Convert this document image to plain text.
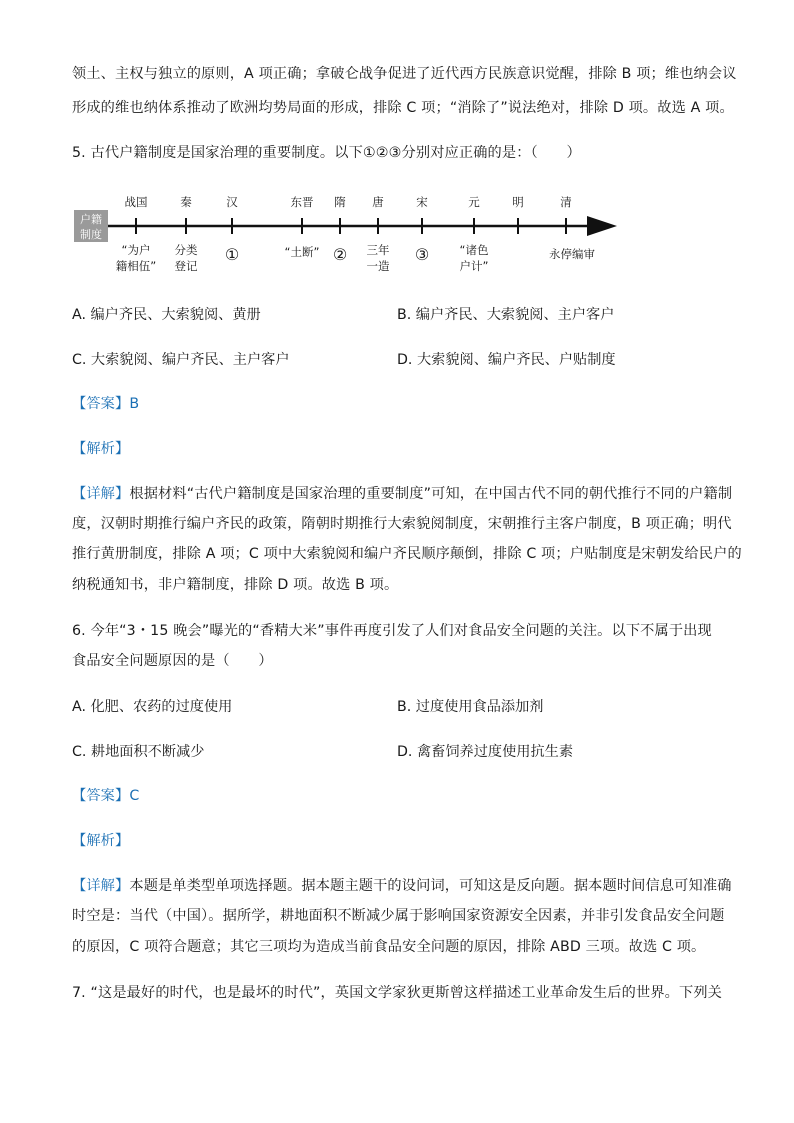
领土、主权与独立的原则，A 项正确；拿破仑战争促进了近代西方民族意识觉醒，排除 B 项；维也纳会议
形成的维也纳体系推动了欧洲均势局面的形成，排除 C 项；“消除了”说法绝对，排除 D 项。故选 A 项。
5. 古代户籍制度是国家治理的重要制度。以下①②③分别对应正确的是：（　　）
户籍
制度
战国	秦	汉	东晋 隋 唐	宋	元	明	清
“为户
籍相伍”
分类
登记
①	“土断” ② 三年
一造
③	“诸色
户计”
永停编审
A. 编户齐民、大索貌阅、黄册	B. 编户齐民、大索貌阅、主户客户
C. 大索貌阅、编户齐民、主户客户	D. 大索貌阅、编户齐民、户贴制度
【答案】B
【解析】
【详解】根据材料“古代户籍制度是国家治理的重要制度”可知，在中国古代不同的朝代推行不同的户籍制
度，汉朝时期推行编户齐民的政策，隋朝时期推行大索貌阅制度，宋朝推行主客户制度，B 项正确；明代
推行黄册制度，排除 A 项；C 项中大索貌阅和编户齐民顺序颠倒，排除 C 项；户贴制度是宋朝发给民户的
纳税通知书，非户籍制度，排除 D 项。故选 B 项。
6. 今年“3・15 晚会”曝光的“香精大米”事件再度引发了人们对食品安全问题的关注。以下不属于出现
食品安全问题原因的是（　　）
A. 化肥、农药的过度使用	B. 过度使用食品添加剂
C. 耕地面积不断减少	D. 禽畜饲养过度使用抗生素
【答案】C
【解析】
【详解】本题是单类型单项选择题。据本题主题干的设问词，可知这是反向题。据本题时间信息可知准确
时空是：当代（中国）。据所学，耕地面积不断减少属于影响国家资源安全因素，并非引发食品安全问题
的原因，C 项符合题意；其它三项均为造成当前食品安全问题的原因，排除 ABD 三项。故选 C 项。
7. “这是最好的时代，也是最坏的时代”，英国文学家狄更斯曾这样描述工业革命发生后的世界。下列关
